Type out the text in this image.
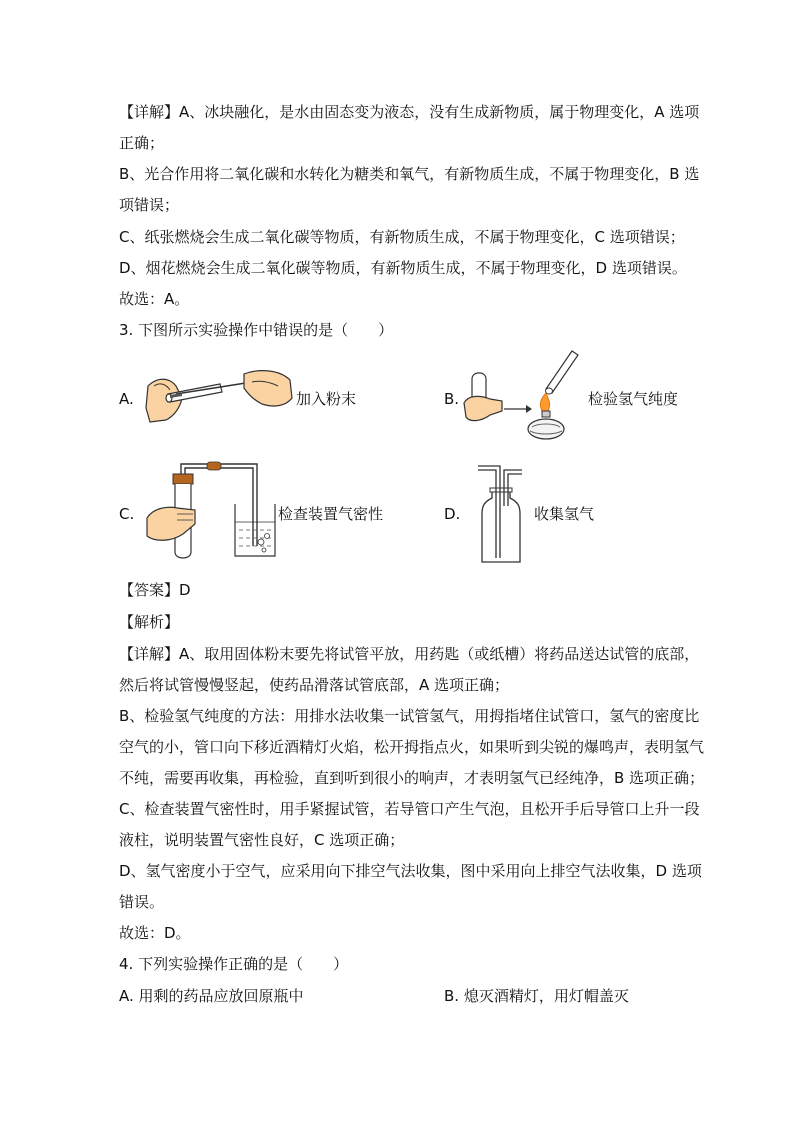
【详解】A、冰块融化，是水由固态变为液态，没有生成新物质，属于物理变化，A 选项
正确；
B、光合作用将二氧化碳和水转化为糖类和氧气，有新物质生成，不属于物理变化，B 选
项错误；
C、纸张燃烧会生成二氧化碳等物质，有新物质生成，不属于物理变化，C 选项错误；
D、烟花燃烧会生成二氧化碳等物质，有新物质生成，不属于物理变化，D 选项错误。
故选：A。
3. 下图所示实验操作中错误的是（　　）
A.	加入粉末	B.	检验氢气纯度
C.	检查装置气密性	D.	收集氢气
【答案】D
【解析】
【详解】A、取用固体粉末要先将试管平放，用药匙（或纸槽）将药品送达试管的底部，
然后将试管慢慢竖起，使药品滑落试管底部，A 选项正确；
B、检验氢气纯度的方法：用排水法收集一试管氢气，用拇指堵住试管口，氢气的密度比
空气的小，管口向下移近酒精灯火焰，松开拇指点火，如果听到尖锐的爆鸣声，表明氢气
不纯，需要再收集，再检验，直到听到很小的响声，才表明氢气已经纯净，B 选项正确；
C、检查装置气密性时，用手紧握试管，若导管口产生气泡，且松开手后导管口上升一段
液柱，说明装置气密性良好，C 选项正确；
D、氢气密度小于空气，应采用向下排空气法收集，图中采用向上排空气法收集，D 选项
错误。
故选：D。
4. 下列实验操作正确的是（　　）
A. 用剩的药品应放回原瓶中	B. 熄灭酒精灯，用灯帽盖灭
